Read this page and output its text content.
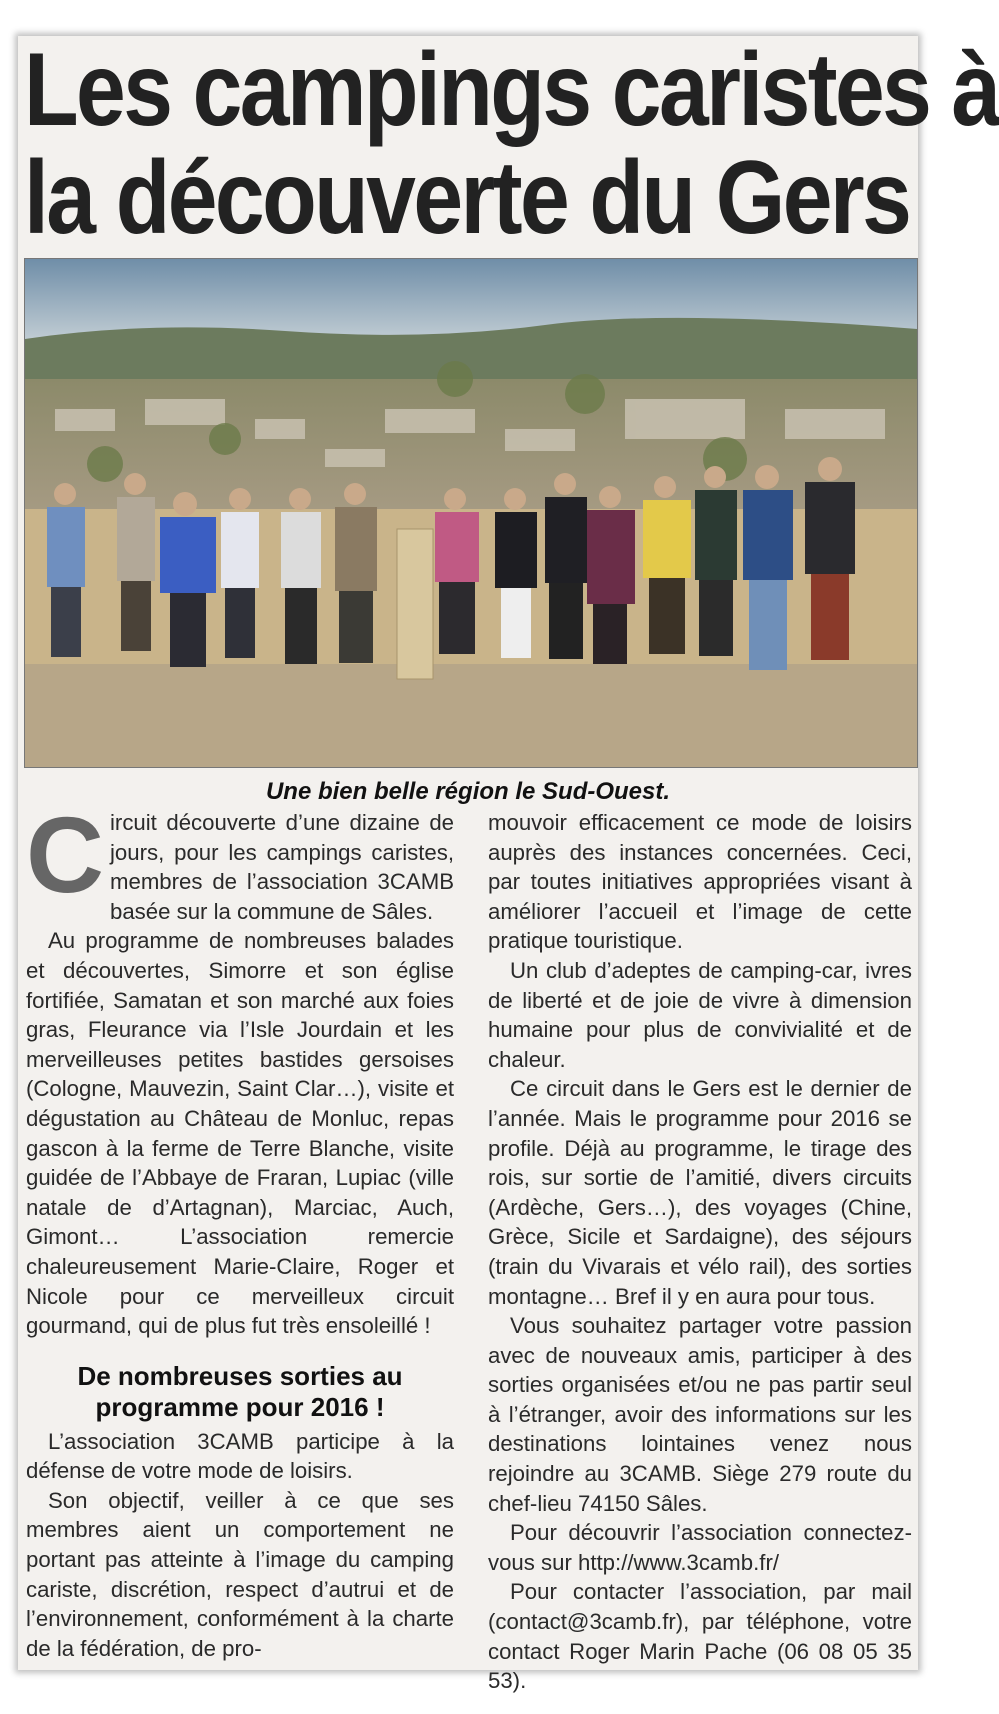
Les campings caristes à
la découverte du Gers
Une bien belle région le Sud-Ouest.

Circuit découverte d’une dizaine de jours, pour les campings caristes, membres de l’association 3CAMB basée sur la commune de Sâles.

Au programme de nombreuses balades et découvertes, Simorre et son église fortifiée, Samatan et son marché aux foies gras, Fleurance via l’Isle Jourdain et les merveilleuses petites bastides gersoises (Cologne, Mauvezin, Saint Clar…), visite et dégustation au Château de Monluc, repas gascon à la ferme de Terre Blanche, visite guidée de l’Abbaye de Fraran, Lupiac (ville natale de d’Artagnan), Marciac, Auch, Gimont… L’association remercie chaleureusement Marie-Claire, Roger et Nicole pour ce merveilleux circuit gourmand, qui de plus fut très ensoleillé !

De nombreuses sorties au programme pour 2016 !

L’association 3CAMB participe à la défense de votre mode de loisirs.

Son objectif, veiller à ce que ses membres aient un comportement ne portant pas atteinte à l’image du camping cariste, discrétion, respect d’autrui et de l’environnement, conformément à la charte de la fédération, de pro-

mouvoir efficacement ce mode de loisirs auprès des instances concernées. Ceci, par toutes initiatives appropriées visant à améliorer l’accueil et l’image de cette pratique touristique.

Un club d’adeptes de camping-car, ivres de liberté et de joie de vivre à dimension humaine pour plus de convivialité et de chaleur.

Ce circuit dans le Gers est le dernier de l’année. Mais le programme pour 2016 se profile. Déjà au programme, le tirage des rois, sur sortie de l’amitié, divers circuits (Ardèche, Gers…), des voyages (Chine, Grèce, Sicile et Sardaigne), des séjours (train du Vivarais et vélo rail), des sorties montagne… Bref il y en aura pour tous.

Vous souhaitez partager votre passion avec de nouveaux amis, participer à des sorties organisées et/ou ne pas partir seul à l’étranger, avoir des informations sur les destinations lointaines venez nous rejoindre au 3CAMB. Siège 279 route du chef-lieu 74150 Sâles.

Pour découvrir l’association connectez-vous sur http://www.3camb.fr/

Pour contacter l’association, par mail (contact@3camb.fr), par téléphone, votre contact Roger Marin Pache (06 08 05 35 53).
